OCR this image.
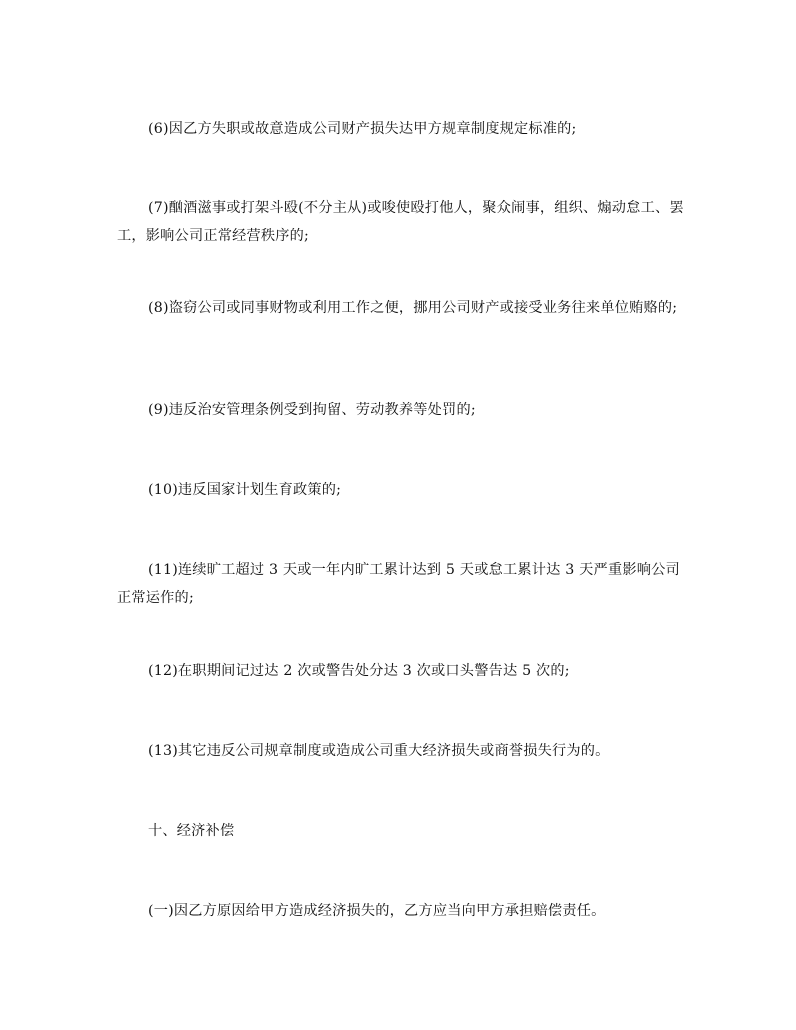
(6)因乙方失职或故意造成公司财产损失达甲方规章制度规定标准的;

(7)酗酒滋事或打架斗殴(不分主从)或唆使殴打他人，聚众闹事，组织、煽动怠工、罢工，影响公司正常经营秩序的;

(8)盗窃公司或同事财物或利用工作之便，挪用公司财产或接受业务往来单位贿赂的;

(9)违反治安管理条例受到拘留、劳动教养等处罚的;

(10)违反国家计划生育政策的;

(11)连续旷工超过 3 天或一年内旷工累计达到 5 天或怠工累计达 3 天严重影响公司正常运作的;

(12)在职期间记过达 2 次或警告处分达 3 次或口头警告达 5 次的;

(13)其它违反公司规章制度或造成公司重大经济损失或商誉损失行为的。

十、经济补偿

(一)因乙方原因给甲方造成经济损失的，乙方应当向甲方承担赔偿责任。
